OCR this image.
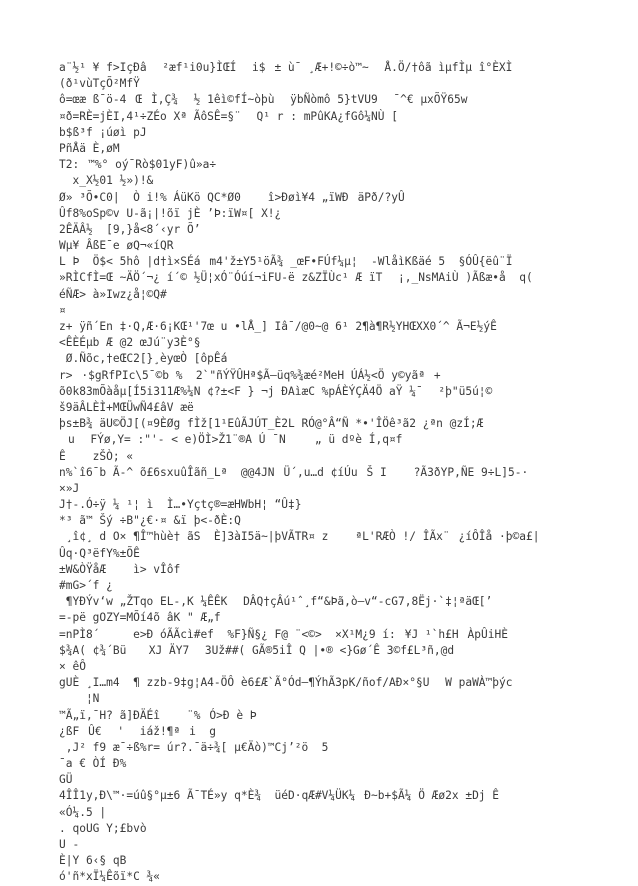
a¨½¹ ¥ f>IçÐâ ²æf¹i0u}ÌŒÍ i$± ù¯ ¸Æ+!©÷ò™~ Å.Ö/†ôã ìµfÌµ î°ÈXÌ
(ð¹vùTçÕ²MfŸ
ô=œæ ß¯ö-4ŒÌ,Ç¾ ½ 1êì©fÍ~òþù ÿbÑòmô 5}tVU9 ¯^€ µxÕŸ65w
¤ð=RÈ=jÈI,4¹÷ZÉo Xª ÃôSÊ=§¨ Q¹ r : mPûKA¿fGô¼NÙ [
b$ß³f ¡úøì pJ
PñÅä È,øM
T2:™%° oý¯Rò$01yF)û»a÷
x_X½01 ½»)!&
Ø» ³Õ•C0|  Ò i!% ÁüKö QC*Ø0    î>Ðøì¥4 „ïWÐäPð/?yÛ
Ûf8%oSp©v U-ã¡|!õï jÈ ’Þ:ïW¤[ X!¿
2ÊÄÂ½  [9,}å<8´‹yr Õ’
Wµ¥ ÂßE¯e øQ¬«íQR
L Þ  Ö$< 5hô |d†ì×SÉám4'ž±Y5¹öÃ¾ _œF•FÚf¼µ¦  -WlåìKßäé 5  §ÓÛ{ëû¨Ï
»RÌCfÌ=Œ ~ÄÖ´¬¿ í´© ½Ü¦xÓ¨Óúí¬iFU-ë z&ZÏÙc¹ Æ ïT ¡,_NsMAiÙ )Ãßæ•å  q(
éÑÆ> à»Iwz¿å¦©Q#
¤
z+ ÿñ´En ‡·Q,Æ·6¡KŒ¹'7œ u •lÅ_] Iâ¯/@0~@ 6¹ 2¶à¶R½YHŒXX0´^ Ã¬E½ýÊ
<ÊÈÉµb Æ @2 œJú¨y3È°§
Ø.Ñõc,†eŒC2[}¸èyœÒ [ôpÊá
r>·$gRfPIc\5¯©b %  2`"ñÝŸÛHª$Ã—üq%¾æé²MeH ÚÁ½<Ö y©yãª+
õ0k83mÕàåµ[Í5i311Æ%¼N ¢?±<F } ¬j ÐAìæC %pÁÈÝÇÄ4Ö aŸ ¼¯ ²þ"ü5ú¦©
š9äÂLÈÌ+MŒÜwÑ4£âV æë
þs±B¾ äU©ÖJ[(¤9ÈØg fÌž[1¹EûÃJÚT_È2L RÓ@°Â“Ñ *•'ÎÖê³ã2 ¿ªn @zÍ;Æ
u FÝø,Y= :"'- < e)ÖÌ>Ž1¨®A Ú ¯N   „ ü dºè Í,q¤f
Ê    zŠÒ; «
n%`î6¯b Ã-^ õ£6sxuûÎãñ_Lª  @@4JNÜ´,u…d ¢íÚuŠ I    ?Ã3ðYP,ÑE 9÷L]5-·
×»J
J†-.Ó÷ÿ ¼ ¹¦ ì  Ì…•Yçtç®=æHWbH¦ “Û‡}
*³ ã™ Šý ÷B"¿€·¤ &ï þ<-ðÈ:Q
¸î¢¸ d O× ¶Î™hùè† ãS  È]3àI5ä~|þVÃTR¤ z    ªL'RÆÒ !/ ÎÃx¨¿íÔÎå ·þ©a£|
Ûq·Q³ëfY%±ÕÊ
±W&ÒŸåÆ    ì> vÎôf
#mG>´f ¿
¶YÐÝv‘w „ŽTqo EL-,K ¼ÊÊK DÂQ†çÂú¹ˆ¸f“&Þã,ò—v“-cG7,8Ëj·`‡¦ªäŒ[’
=-pë gOZY=MÕí4õ âK " Æ„f
=nPÌ8´     e>Ð óÃÃcì#ef  %F}Ñ§¿ F@ ¨<©>  ×X¹M¿9 í:¥J ¹`h£HÀpÛiHÈ
$¾A( ¢¾´Bü  XJ ÄY7 3Už##( GÃ®5iÎ Q |•® <}Gø´Ê 3©f£L³ñ,@d
× êÔ
gUÈ ¸I…m4  ¶ zzb-9‡g¦A4-ÖÔ è6£Æ`Ã°Ód—¶ÝhÃ3pK/ñof/AÐ×°§U W paWÀ™þýc
¦N
™Ã„ï,¯H? ã]ÐÄÉî    ¨%Ó>Ð è Þ
¿ßFÛ€ ' iáž!¶ªi  g
,J² f9 æ¯÷ß%r= úr?.¯ä÷¾[ µ€Äò)™Cj’²ö  5
¯a € ÒÍ Ð%
GÜ
4ÎÎ1y,Ð\™·=úû§°µ±6 Ã¯TÉ»y q*È¾  üéD·qÆ#V¼ÜK¼Ð~b+$Ã¼ Ö Æø2x ±Dj Ê
«Ó¼.5 |
. qoUG Y;£bvò
U -
È|Y 6‹§ qB
ó'ñ*xÏ¼Êõï*C ¾«
